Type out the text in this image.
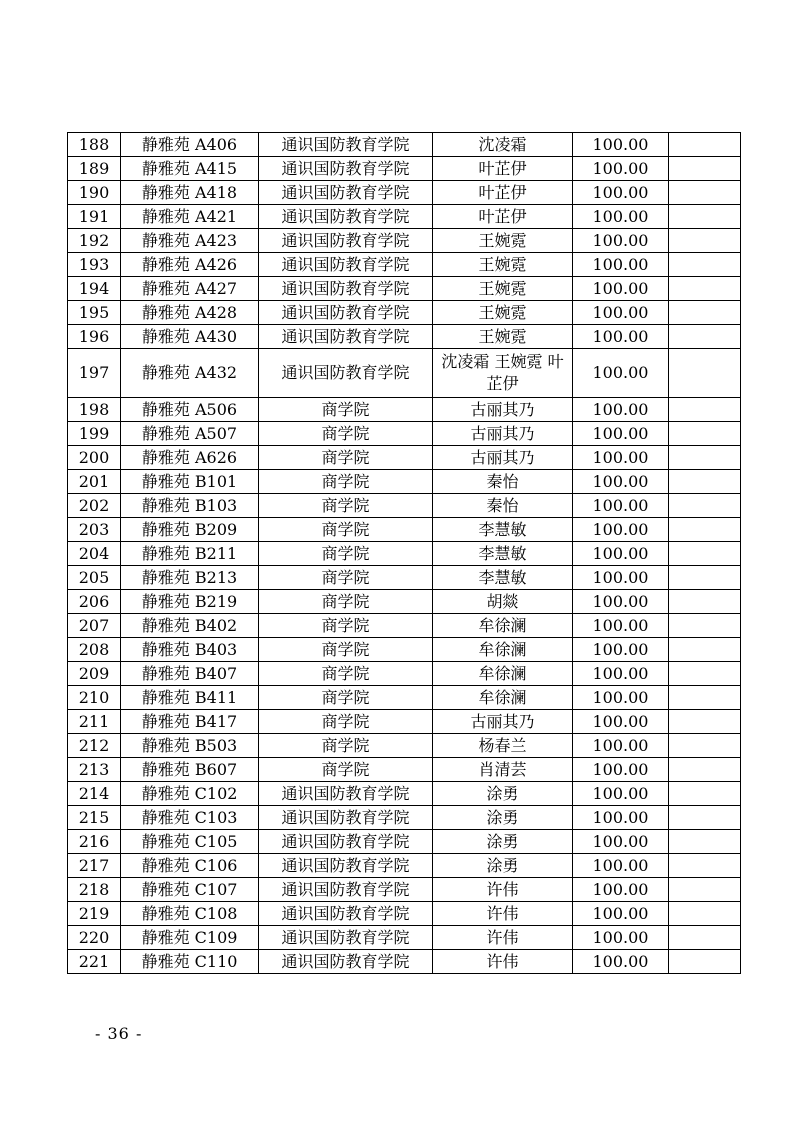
188	静雅苑 A406	通识国防教育学院	沈凌霜	100.00	
189	静雅苑 A415	通识国防教育学院	叶芷伊	100.00	
190	静雅苑 A418	通识国防教育学院	叶芷伊	100.00	
191	静雅苑 A421	通识国防教育学院	叶芷伊	100.00	
192	静雅苑 A423	通识国防教育学院	王婉霓	100.00	
193	静雅苑 A426	通识国防教育学院	王婉霓	100.00	
194	静雅苑 A427	通识国防教育学院	王婉霓	100.00	
195	静雅苑 A428	通识国防教育学院	王婉霓	100.00	
196	静雅苑 A430	通识国防教育学院	王婉霓	100.00	
197	静雅苑 A432	通识国防教育学院	沈凌霜 王婉霓 叶芷伊	100.00	
198	静雅苑 A506	商学院	古丽其乃	100.00	
199	静雅苑 A507	商学院	古丽其乃	100.00	
200	静雅苑 A626	商学院	古丽其乃	100.00	
201	静雅苑 B101	商学院	秦怡	100.00	
202	静雅苑 B103	商学院	秦怡	100.00	
203	静雅苑 B209	商学院	李慧敏	100.00	
204	静雅苑 B211	商学院	李慧敏	100.00	
205	静雅苑 B213	商学院	李慧敏	100.00	
206	静雅苑 B219	商学院	胡燚	100.00	
207	静雅苑 B402	商学院	牟徐澜	100.00	
208	静雅苑 B403	商学院	牟徐澜	100.00	
209	静雅苑 B407	商学院	牟徐澜	100.00	
210	静雅苑 B411	商学院	牟徐澜	100.00	
211	静雅苑 B417	商学院	古丽其乃	100.00	
212	静雅苑 B503	商学院	杨春兰	100.00	
213	静雅苑 B607	商学院	肖清芸	100.00	
214	静雅苑 C102	通识国防教育学院	涂勇	100.00	
215	静雅苑 C103	通识国防教育学院	涂勇	100.00	
216	静雅苑 C105	通识国防教育学院	涂勇	100.00	
217	静雅苑 C106	通识国防教育学院	涂勇	100.00	
218	静雅苑 C107	通识国防教育学院	许伟	100.00	
219	静雅苑 C108	通识国防教育学院	许伟	100.00	
220	静雅苑 C109	通识国防教育学院	许伟	100.00	
221	静雅苑 C110	通识国防教育学院	许伟	100.00	
- 36 -
